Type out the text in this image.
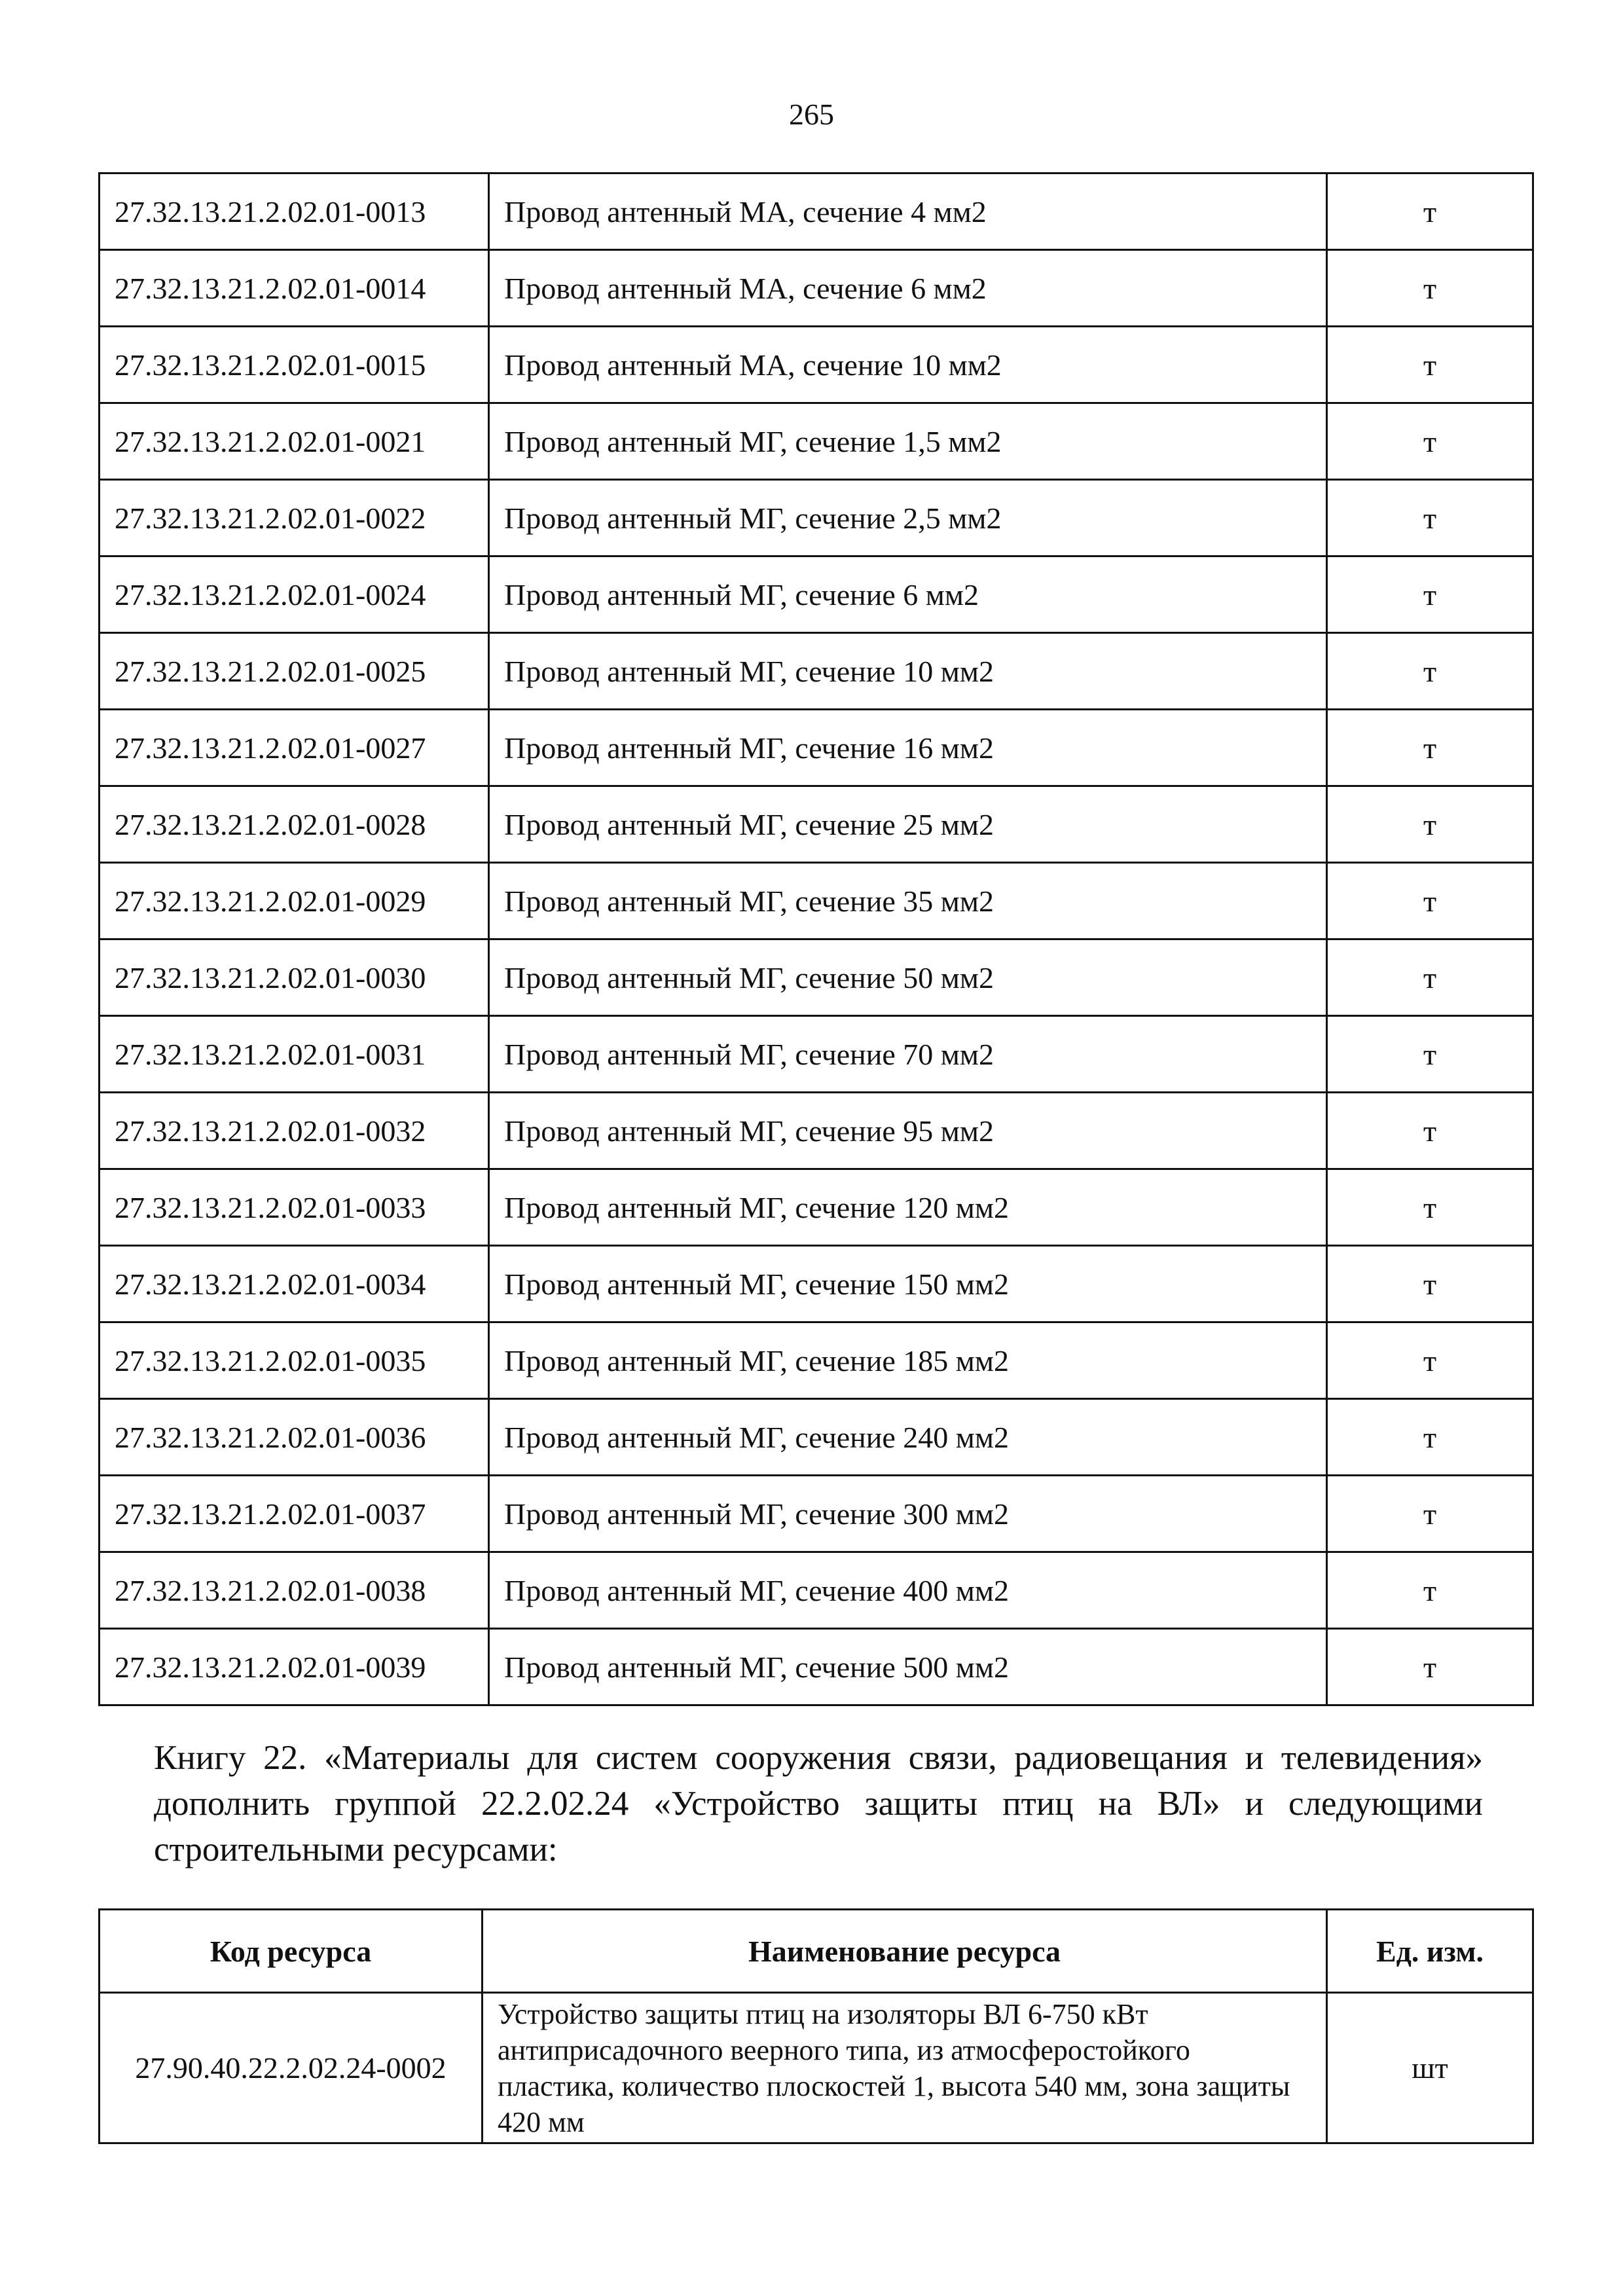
265
27.32.13.21.2.02.01-0013	Провод антенный МА, сечение 4 мм2	т
27.32.13.21.2.02.01-0014	Провод антенный МА, сечение 6 мм2	т
27.32.13.21.2.02.01-0015	Провод антенный МА, сечение 10 мм2	т
27.32.13.21.2.02.01-0021	Провод антенный МГ, сечение 1,5 мм2	т
27.32.13.21.2.02.01-0022	Провод антенный МГ, сечение 2,5 мм2	т
27.32.13.21.2.02.01-0024	Провод антенный МГ, сечение 6 мм2	т
27.32.13.21.2.02.01-0025	Провод антенный МГ, сечение 10 мм2	т
27.32.13.21.2.02.01-0027	Провод антенный МГ, сечение 16 мм2	т
27.32.13.21.2.02.01-0028	Провод антенный МГ, сечение 25 мм2	т
27.32.13.21.2.02.01-0029	Провод антенный МГ, сечение 35 мм2	т
27.32.13.21.2.02.01-0030	Провод антенный МГ, сечение 50 мм2	т
27.32.13.21.2.02.01-0031	Провод антенный МГ, сечение 70 мм2	т
27.32.13.21.2.02.01-0032	Провод антенный МГ, сечение 95 мм2	т
27.32.13.21.2.02.01-0033	Провод антенный МГ, сечение 120 мм2	т
27.32.13.21.2.02.01-0034	Провод антенный МГ, сечение 150 мм2	т
27.32.13.21.2.02.01-0035	Провод антенный МГ, сечение 185 мм2	т
27.32.13.21.2.02.01-0036	Провод антенный МГ, сечение 240 мм2	т
27.32.13.21.2.02.01-0037	Провод антенный МГ, сечение 300 мм2	т
27.32.13.21.2.02.01-0038	Провод антенный МГ, сечение 400 мм2	т
27.32.13.21.2.02.01-0039	Провод антенный МГ, сечение 500 мм2	т
Книгу 22. «Материалы для систем сооружения связи, радиовещания и телевидения» дополнить группой 22.2.02.24 «Устройство защиты птиц на ВЛ» и следующими строительными ресурсами:
Код ресурса	Наименование ресурса	Ед. изм.
27.90.40.22.2.02.24-0002	Устройство защиты птиц на изоляторы ВЛ 6-750 кВт антиприсадочного веерного типа, из атмосферостойкого пластика, количество плоскостей 1, высота 540 мм, зона защиты 420 мм	шт
